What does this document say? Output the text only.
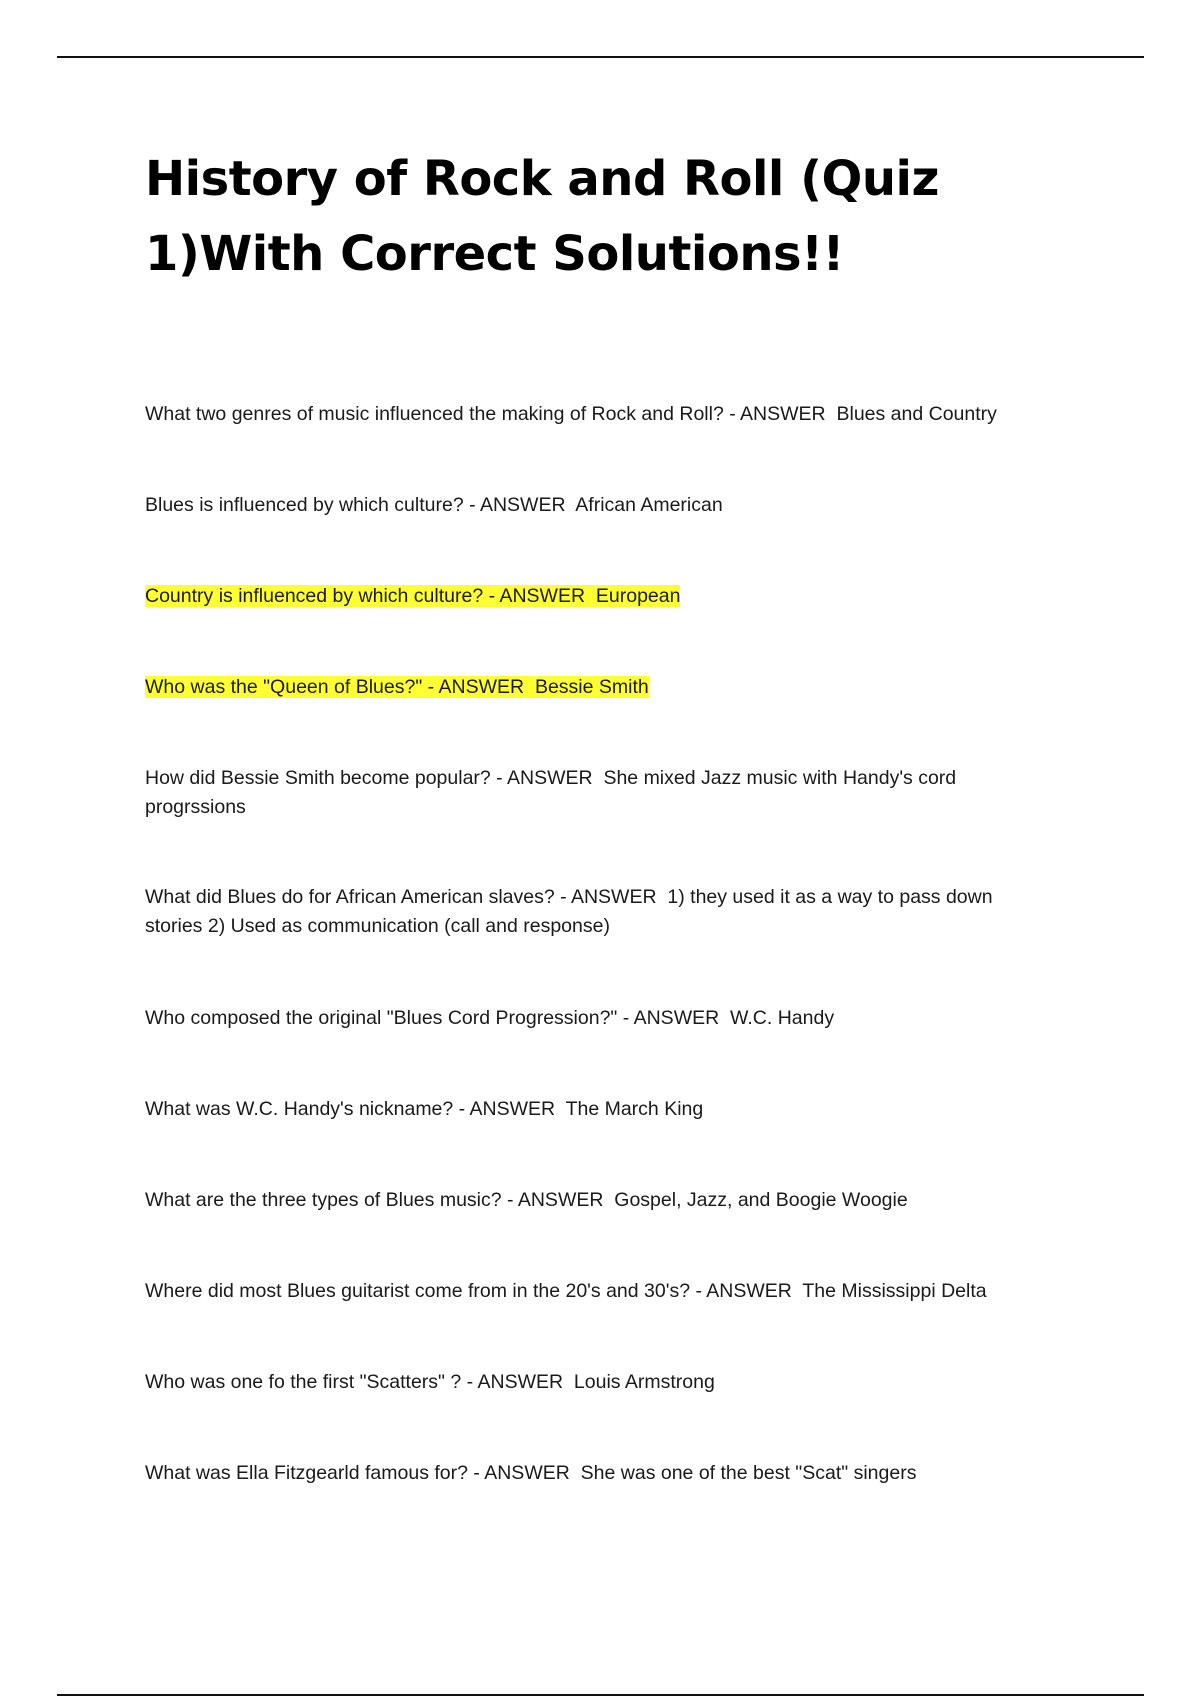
History of Rock and Roll (Quiz 1)With Correct Solutions!!

What two genres of music influenced the making of Rock and Roll? - ANSWER  Blues and Country

Blues is influenced by which culture? - ANSWER  African American

Country is influenced by which culture? - ANSWER  European

Who was the "Queen of Blues?" - ANSWER  Bessie Smith

How did Bessie Smith become popular? - ANSWER  She mixed Jazz music with Handy's cord progrssions

What did Blues do for African American slaves? - ANSWER  1) they used it as a way to pass down stories 2) Used as communication (call and response)

Who composed the original "Blues Cord Progression?" - ANSWER  W.C. Handy

What was W.C. Handy's nickname? - ANSWER  The March King

What are the three types of Blues music? - ANSWER  Gospel, Jazz, and Boogie Woogie

Where did most Blues guitarist come from in the 20's and 30's? - ANSWER  The Mississippi Delta

Who was one fo the first "Scatters" ? - ANSWER  Louis Armstrong

What was Ella Fitzgearld famous for? - ANSWER  She was one of the best "Scat" singers
